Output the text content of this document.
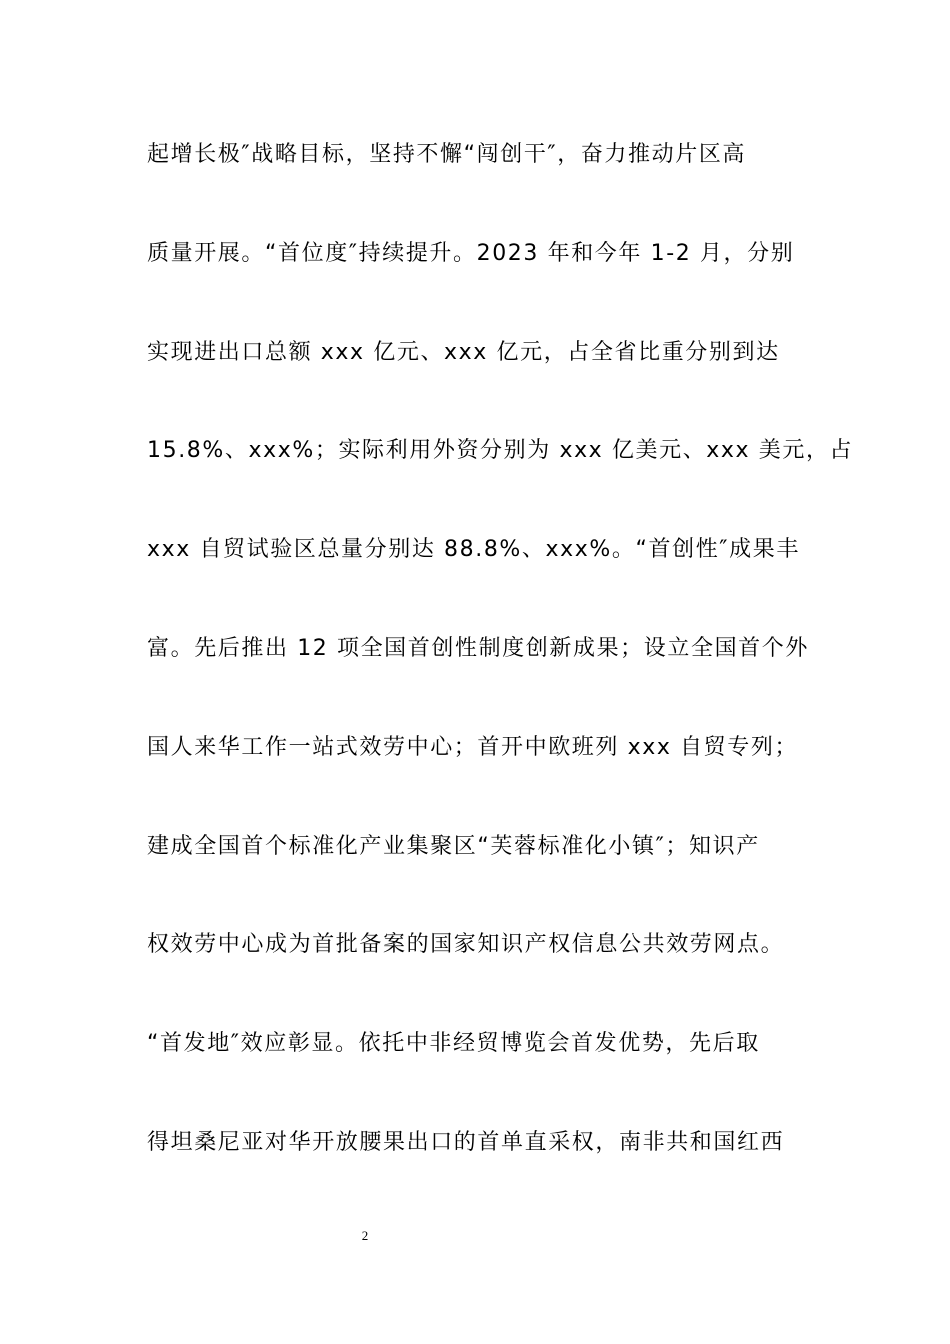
起增长极″战略目标，坚持不懈“闯创干″，奋力推动片区高
质量开展。“首位度″持续提升。2023 年和今年 1-2 月，分别
实现进出口总额 xxx 亿元、xxx 亿元，占全省比重分别到达
15.8%、xxx%；实际利用外资分别为 xxx 亿美元、xxx 美元，占
xxx 自贸试验区总量分别达 88.8%、xxx%。“首创性″成果丰
富。先后推出 12 项全国首创性制度创新成果；设立全国首个外
国人来华工作一站式效劳中心；首开中欧班列 xxx 自贸专列；
建成全国首个标准化产业集聚区“芙蓉标准化小镇″；知识产
权效劳中心成为首批备案的国家知识产权信息公共效劳网点。
“首发地″效应彰显。依托中非经贸博览会首发优势，先后取
得坦桑尼亚对华开放腰果出口的首单直采权，南非共和国红西
2
